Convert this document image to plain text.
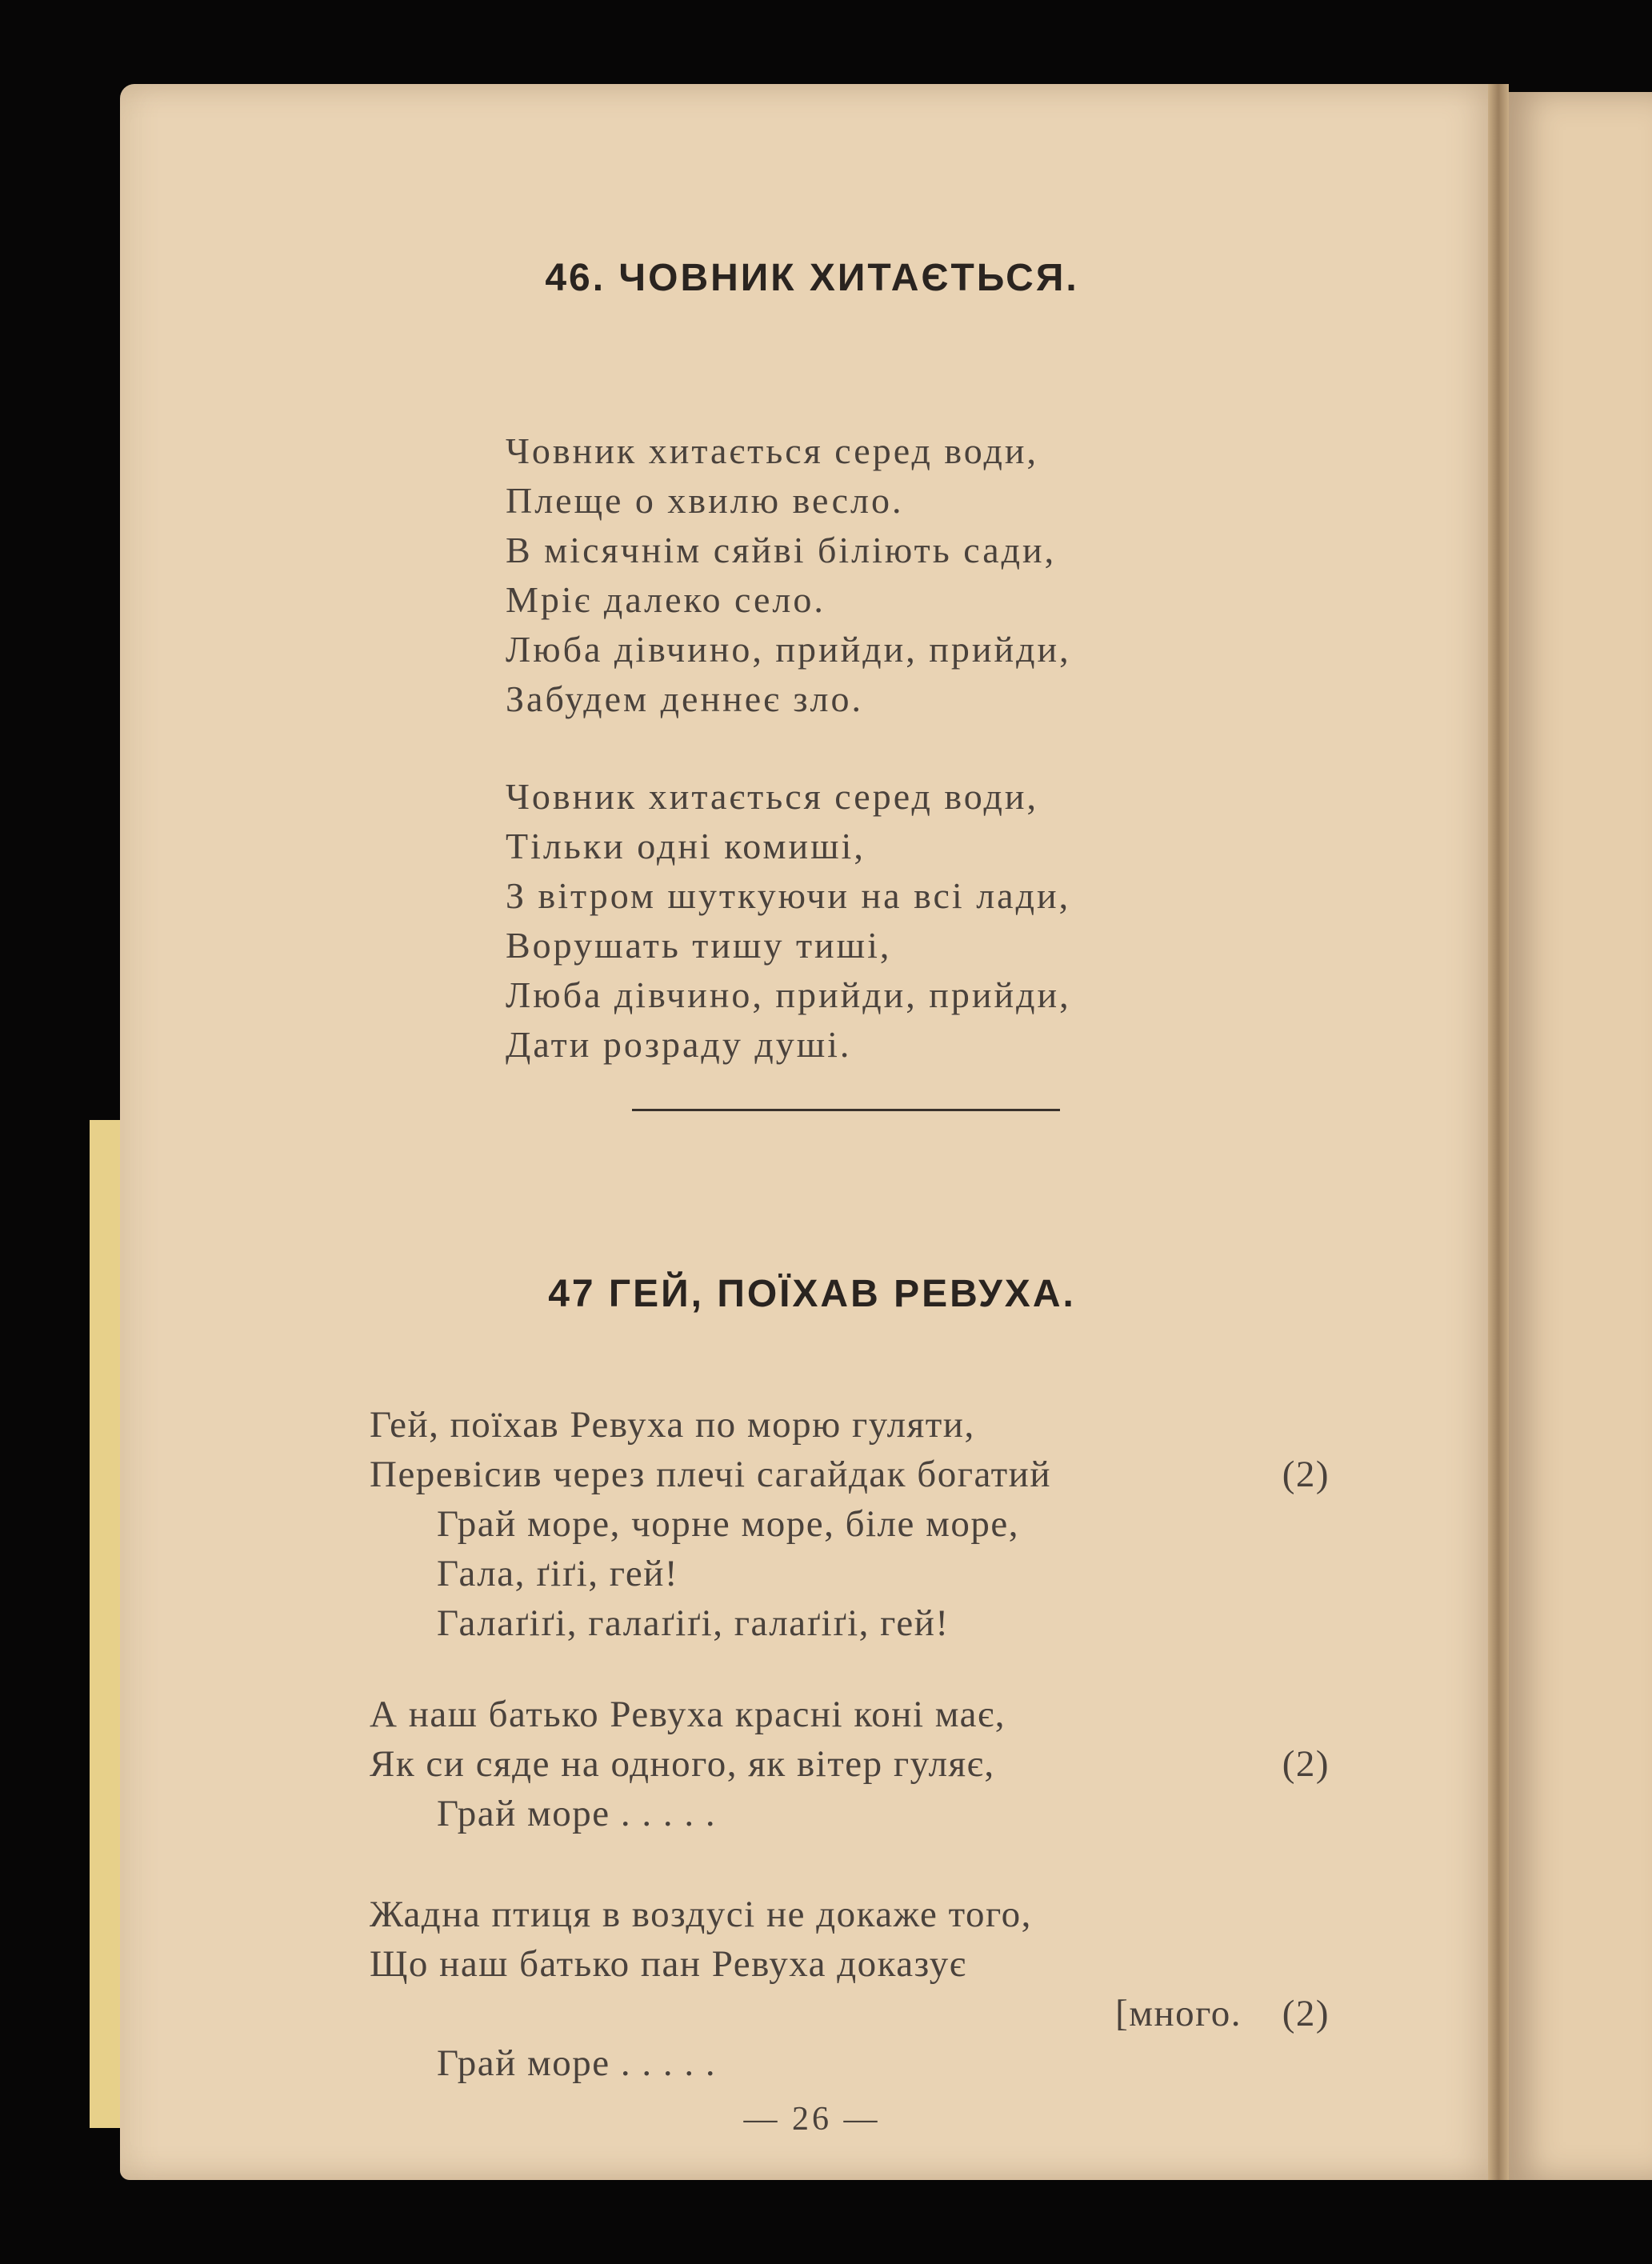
46. ЧОВНИК ХИТАЄТЬСЯ.
Човник хитається серед води,
Плеще о хвилю весло.
В місячнім сяйві біліють сади,
Мріє далеко село.
Люба дівчино, прийди, прийди,
Забудем деннеє зло.
Човник хитається серед води,
Тільки одні комиші,
З вітром шуткуючи на всі лади,
Ворушать тишу тиші,
Люба дівчино, прийди, прийди,
Дати розраду душі.
47 ГЕЙ, ПОЇХАВ РЕВУХА.
Гей, поїхав Ревуха по морю гуляти,
Перевісив через плечі сагайдак богатий	(2)
Грай море, чорне море, біле море,
Гала, ґіґі, гей!
Галаґіґі, галаґіґі, галаґіґі, гей!
А наш батько Ревуха красні коні має,
Як си сяде на одного, як вітер гуляє,	(2)
Грай море . . . . .
Жадна птиця в воздусі не докаже того,
Що наш батько пан Ревуха доказує
[много. (2)
Грай море . . . . .
— 26 —
